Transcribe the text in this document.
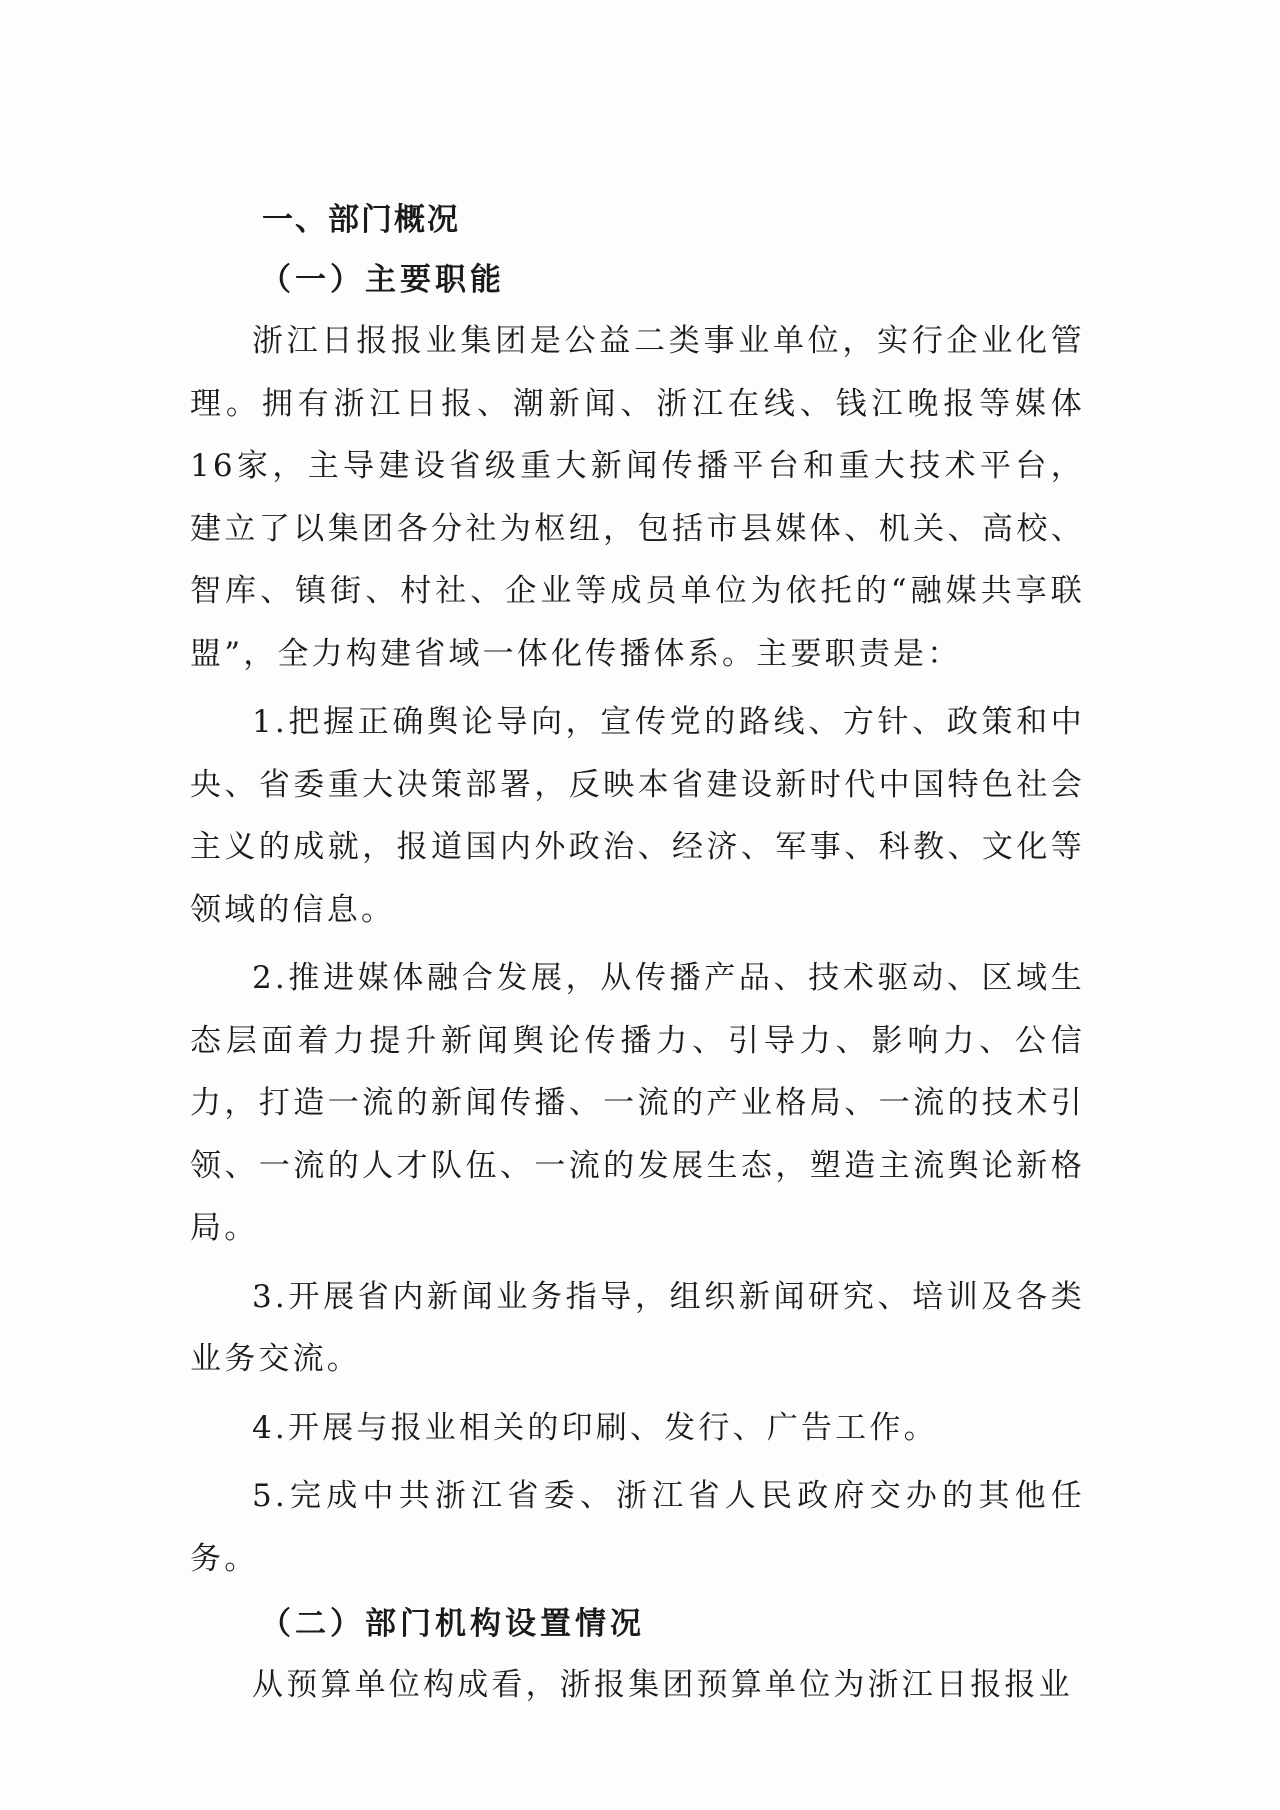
一、部门概况
（一）主要职能

浙江日报报业集团是公益二类事业单位，实行企业化管理。拥有浙江日报、潮新闻、浙江在线、钱江晚报等媒体16家，主导建设省级重大新闻传播平台和重大技术平台，建立了以集团各分社为枢纽，包括市县媒体、机关、高校、智库、镇街、村社、企业等成员单位为依托的“融媒共享联盟”，全力构建省域一体化传播体系。主要职责是：

1.把握正确舆论导向，宣传党的路线、方针、政策和中央、省委重大决策部署，反映本省建设新时代中国特色社会主义的成就，报道国内外政治、经济、军事、科教、文化等领域的信息。

2.推进媒体融合发展，从传播产品、技术驱动、区域生态层面着力提升新闻舆论传播力、引导力、影响力、公信力，打造一流的新闻传播、一流的产业格局、一流的技术引领、一流的人才队伍、一流的发展生态，塑造主流舆论新格局。

3.开展省内新闻业务指导，组织新闻研究、培训及各类业务交流。

4.开展与报业相关的印刷、发行、广告工作。

5.完成中共浙江省委、浙江省人民政府交办的其他任务。

（二）部门机构设置情况

从预算单位构成看，浙报集团预算单位为浙江日报报业
